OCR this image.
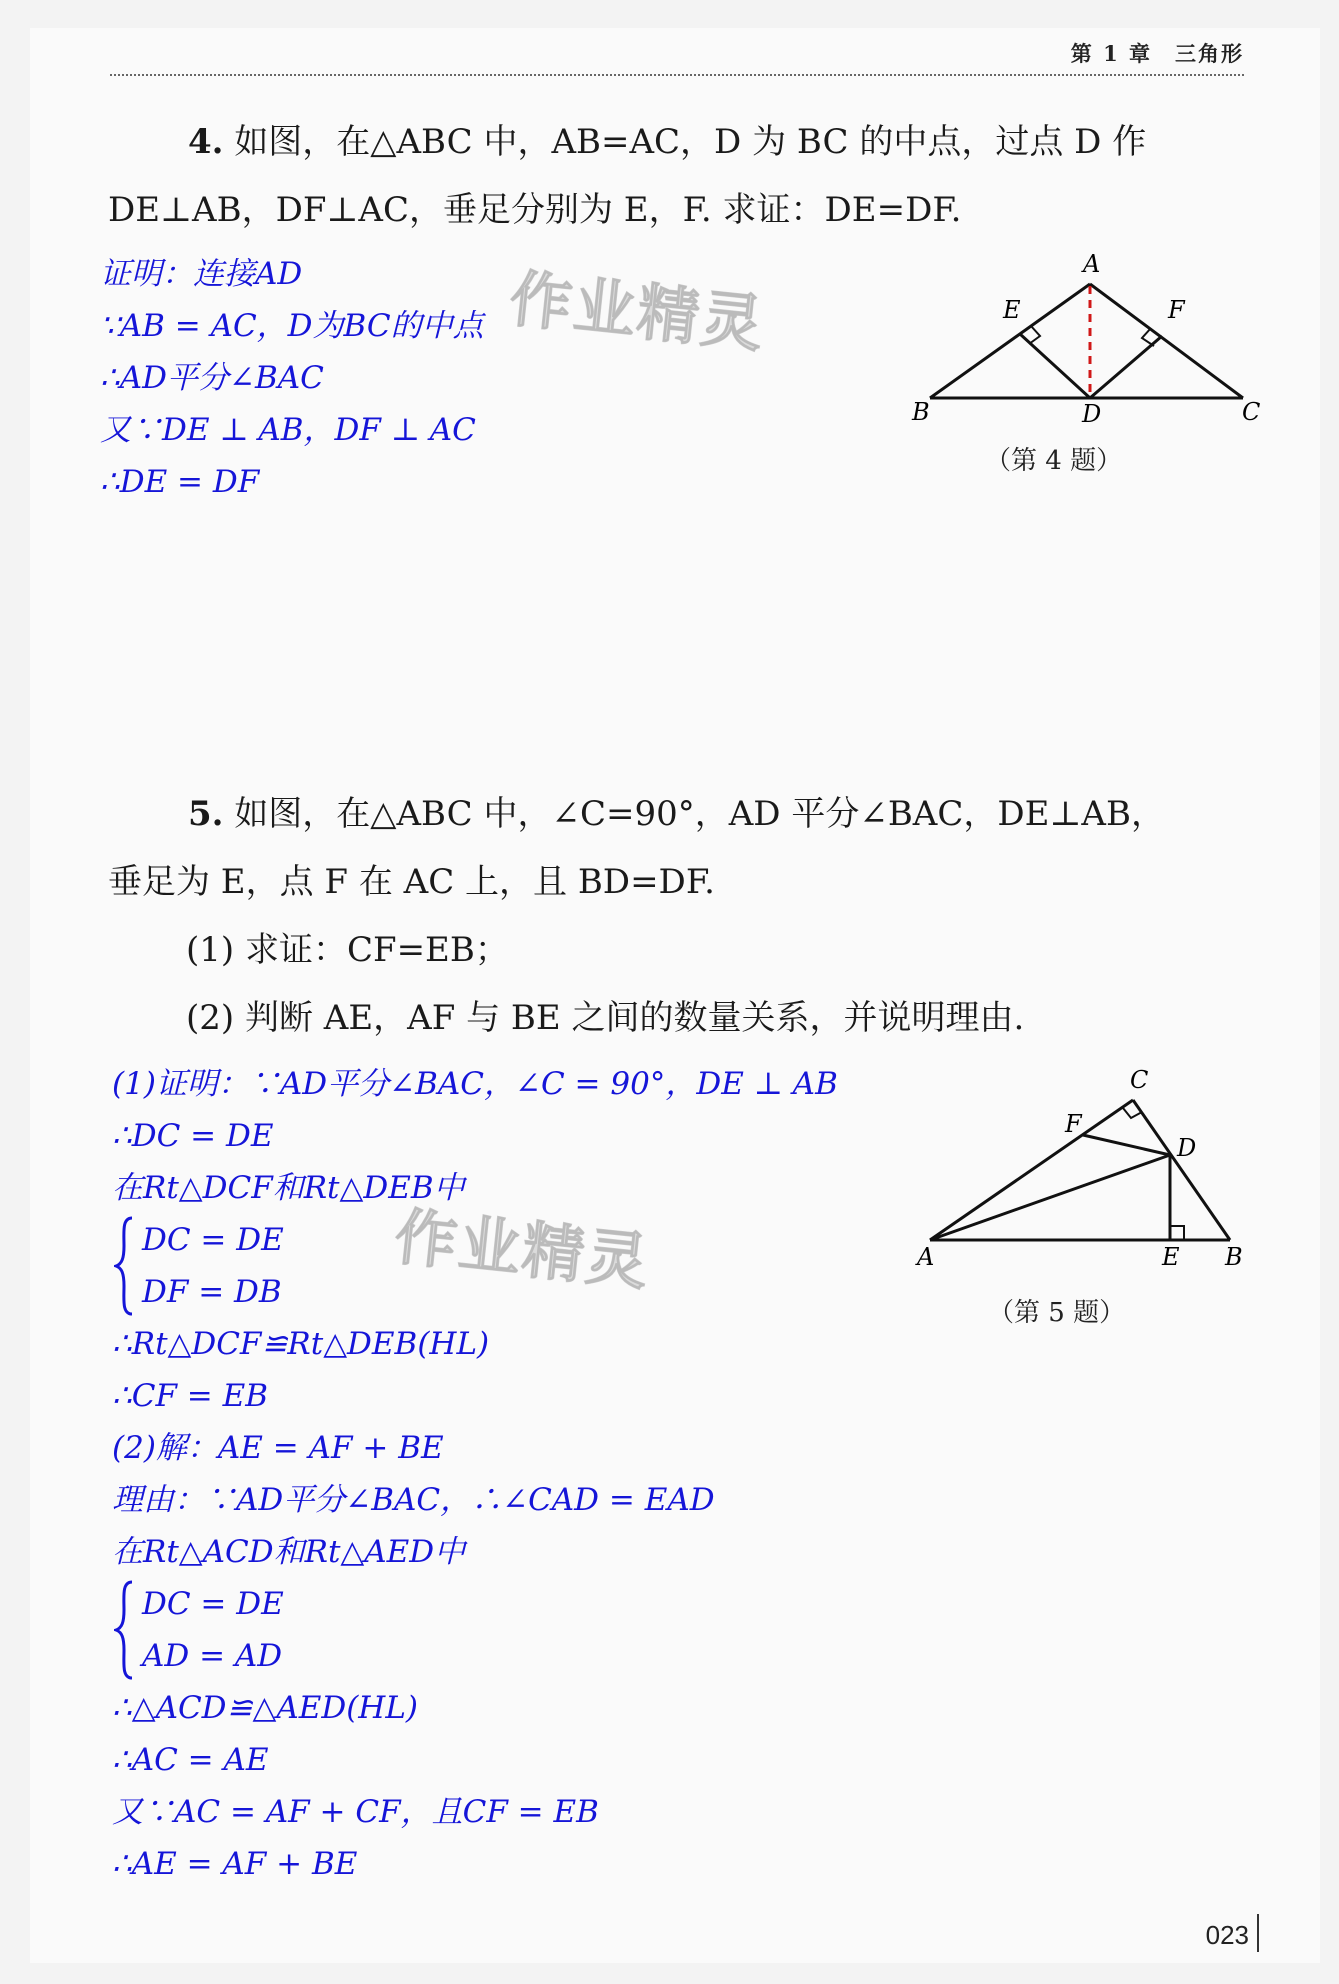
第 1 章　三角形
4. 如图，在△ABC 中，AB=AC，D 为 BC 的中点，过点 D 作
DE⊥AB，DF⊥AC，垂足分别为 E，F. 求证：DE=DF.
证明：连接AD
∵AB = AC，D为BC的中点
∴AD平分∠BAC
又∵DE ⊥ AB，DF ⊥ AC
∴DE = DF
作业精灵	A
B	C
D
E	F
（第 4 题）
5. 如图，在△ABC 中，∠C=90°，AD 平分∠BAC，DE⊥AB，
垂足为 E，点 F 在 AC 上，且 BD=DF.
(1) 求证：CF=EB；
(2) 判断 AE，AF 与 BE 之间的数量关系，并说明理由.
(1)证明：∵AD平分∠BAC，∠C = 90°，DE ⊥ AB
∴DC = DE
在Rt△DCF和Rt△DEB中
DC = DE
DF = DB
∴Rt△DCF≌Rt△DEB(HL)
∴CF = EB
(2)解：AE = AF + BE
理由：∵AD平分∠BAC，∴∠CAD = EAD
在Rt△ACD和Rt△AED中
DC = DE
AD = AD
∴△ACD≌△AED(HL)
∴AC = AE
又∵AC = AF + CF，且CF = EB
∴AE = AF + BE
作业精灵	A	B
C
D
E
F
（第 5 题）
023
